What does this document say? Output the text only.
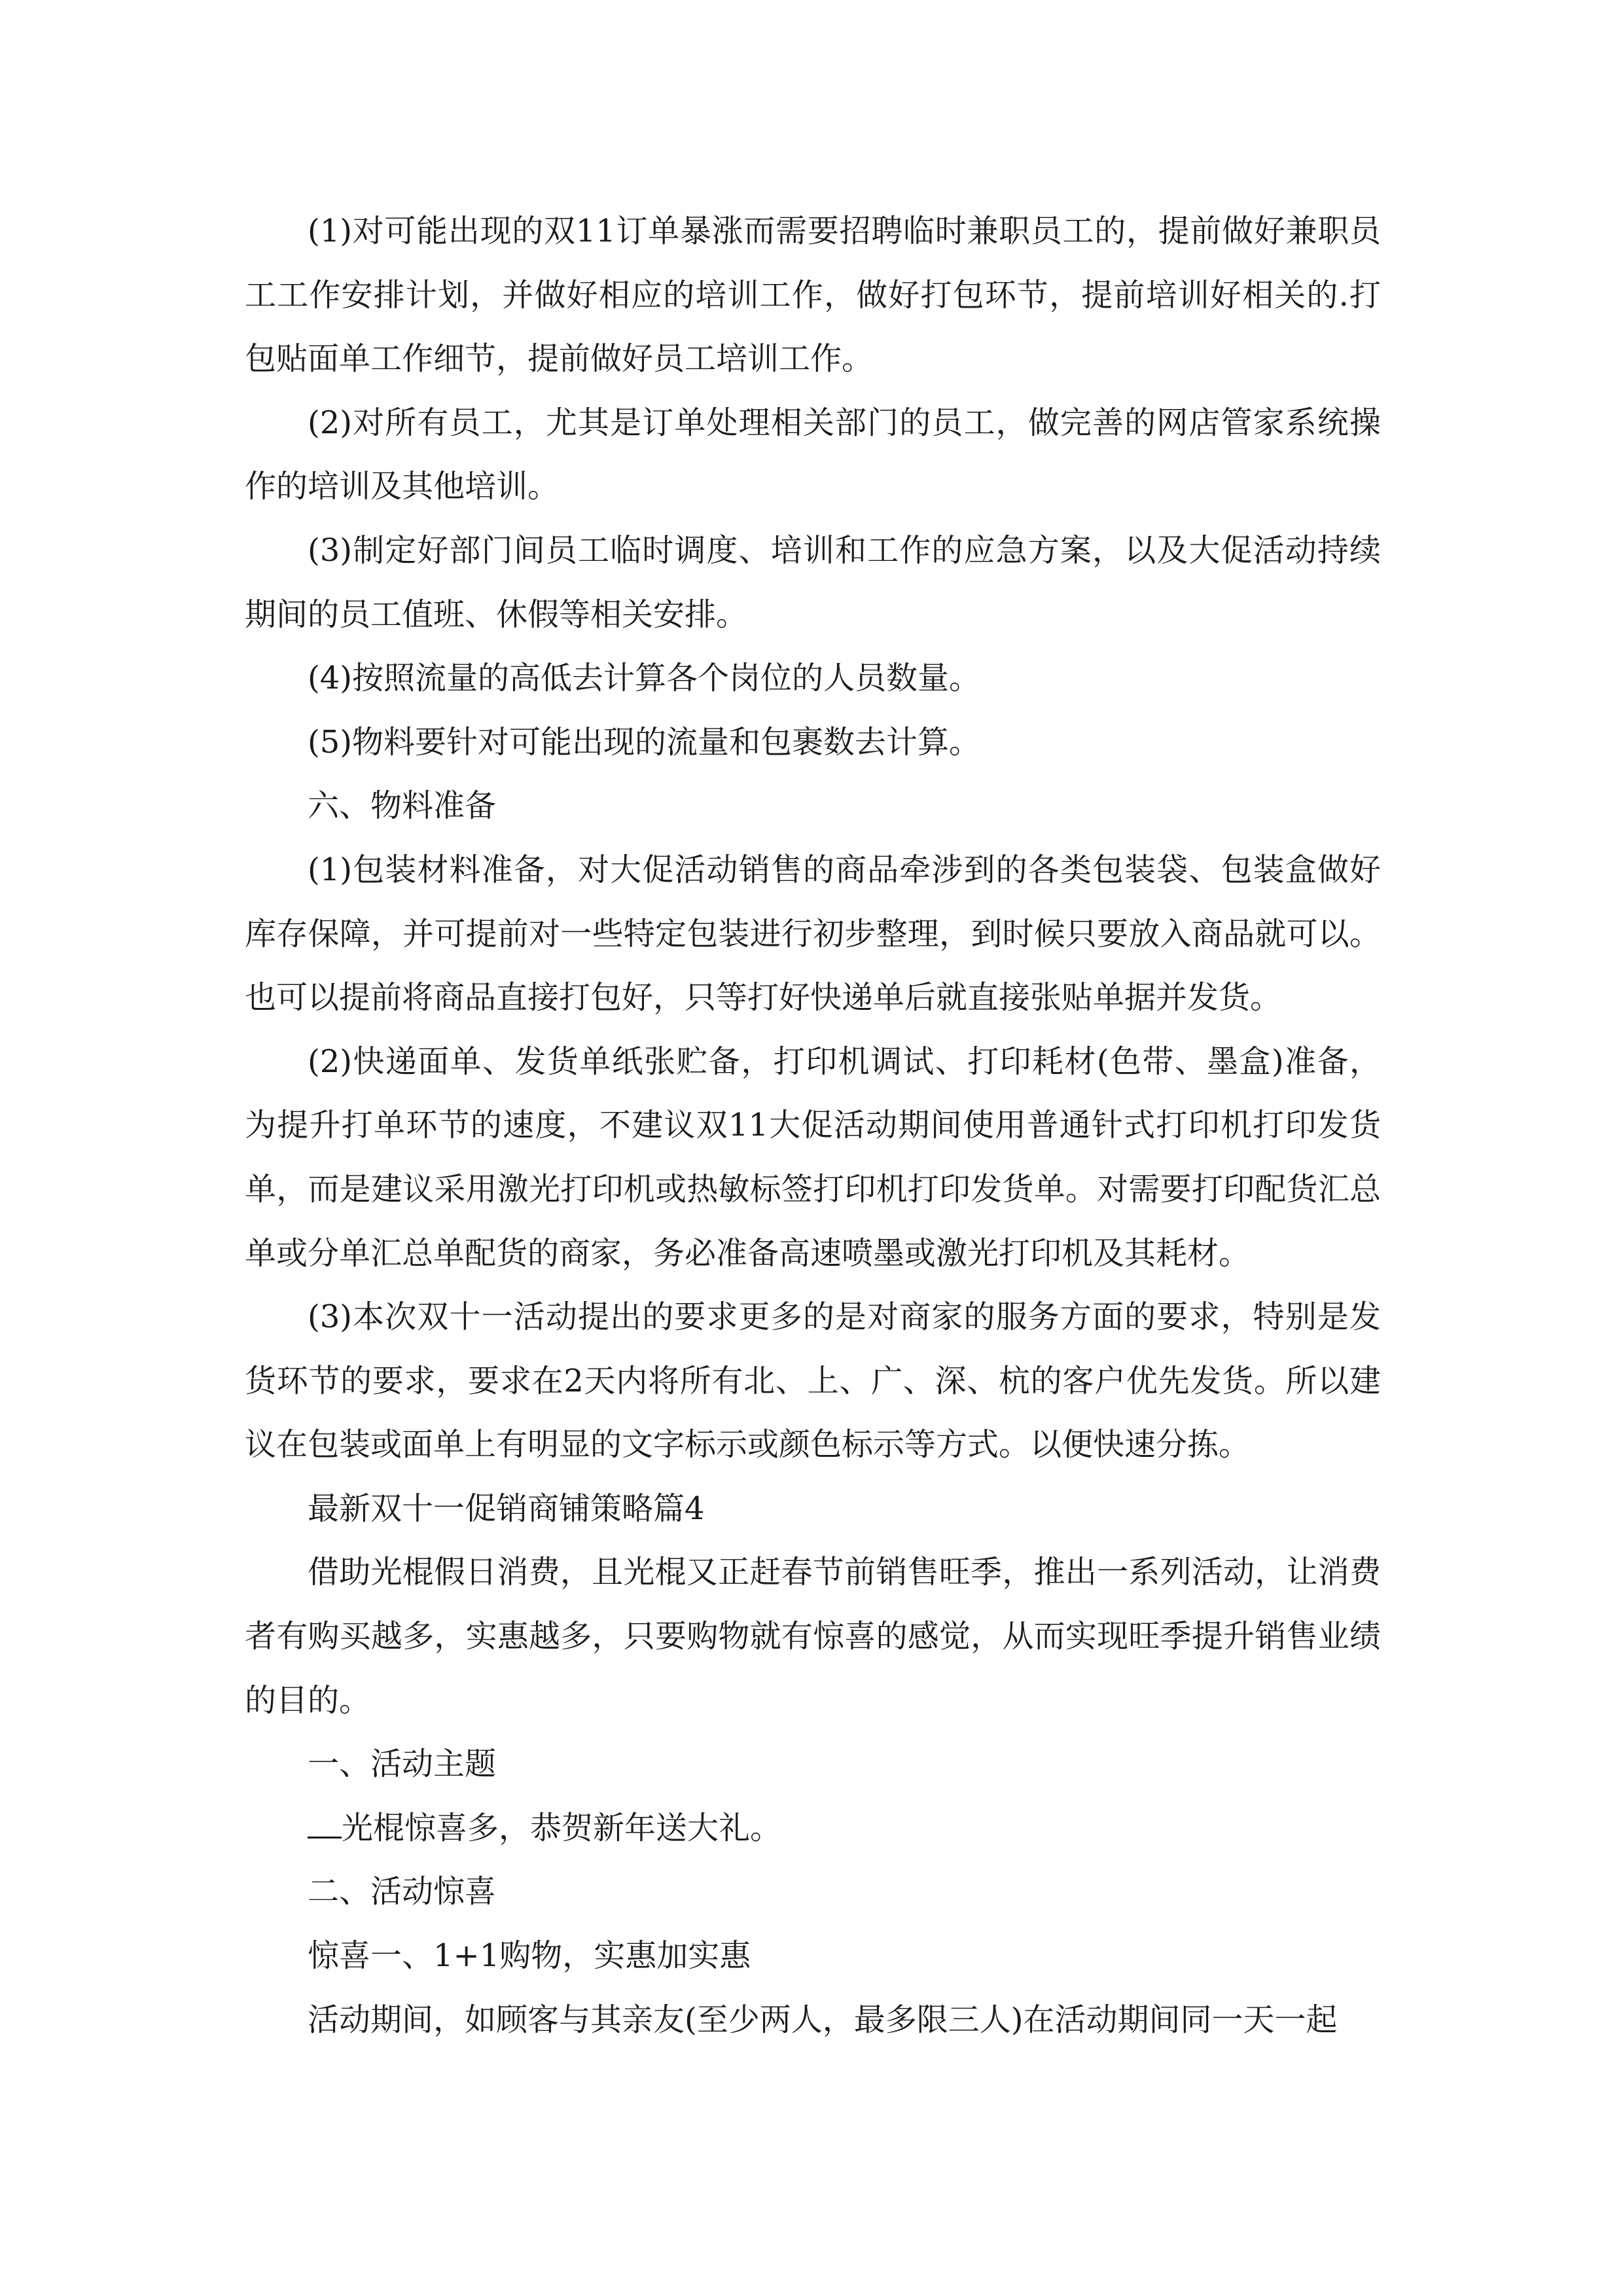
(1)对可能出现的双11订单暴涨而需要招聘临时兼职员工的，提前做好兼职员工工作安排计划，并做好相应的培训工作，做好打包环节，提前培训好相关的.打包贴面单工作细节，提前做好员工培训工作。

(2)对所有员工，尤其是订单处理相关部门的员工，做完善的网店管家系统操作的培训及其他培训。

(3)制定好部门间员工临时调度、培训和工作的应急方案，以及大促活动持续期间的员工值班、休假等相关安排。

(4)按照流量的高低去计算各个岗位的人员数量。

(5)物料要针对可能出现的流量和包裹数去计算。

六、物料准备

(1)包装材料准备，对大促活动销售的商品牵涉到的各类包装袋、包装盒做好库存保障，并可提前对一些特定包装进行初步整理，到时候只要放入商品就可以。也可以提前将商品直接打包好，只等打好快递单后就直接张贴单据并发货。

(2)快递面单、发货单纸张贮备，打印机调试、打印耗材(色带、墨盒)准备，为提升打单环节的速度，不建议双11大促活动期间使用普通针式打印机打印发货单，而是建议采用激光打印机或热敏标签打印机打印发货单。对需要打印配货汇总单或分单汇总单配货的商家，务必准备高速喷墨或激光打印机及其耗材。

(3)本次双十一活动提出的要求更多的是对商家的服务方面的要求，特别是发货环节的要求，要求在2天内将所有北、上、广、深、杭的客户优先发货。所以建议在包装或面单上有明显的文字标示或颜色标示等方式。以便快速分拣。

最新双十一促销商铺策略篇4

借助光棍假日消费，且光棍又正赶春节前销售旺季，推出一系列活动，让消费者有购买越多，实惠越多，只要购物就有惊喜的感觉，从而实现旺季提升销售业绩的目的。

一、活动主题

光棍惊喜多，恭贺新年送大礼。

二、活动惊喜

惊喜一、1+1购物，实惠加实惠

活动期间，如顾客与其亲友(至少两人，最多限三人)在活动期间同一天一起
